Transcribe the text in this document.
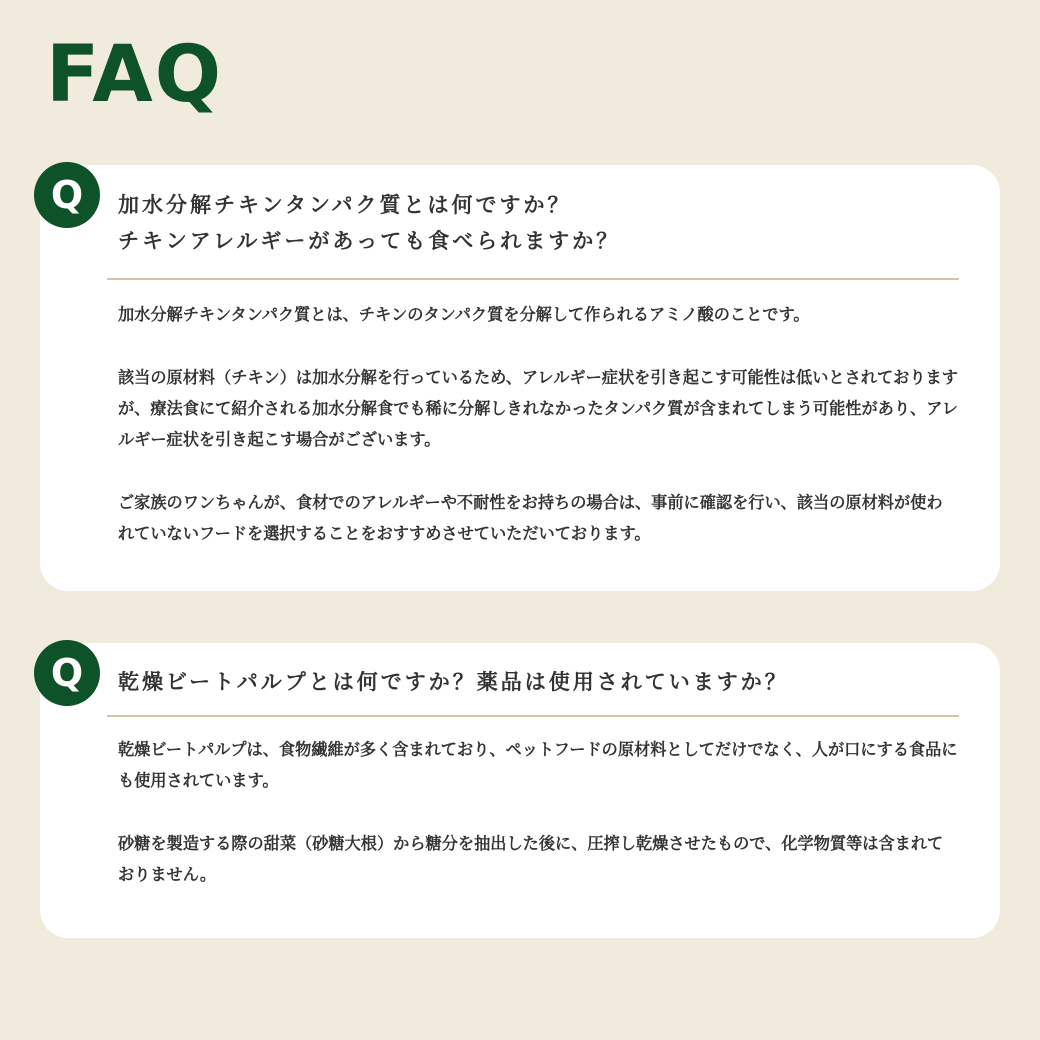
FAQ
加水分解チキンタンパク質とは何ですか？
チキンアレルギーがあっても食べられますか？

加水分解チキンタンパク質とは、チキンのタンパク質を分解して作られるアミノ酸のことです。

該当の原材料（チキン）は加水分解を行っているため、アレルギー症状を引き起こす可能性は低いとされておりますが、療法食にて紹介される加水分解食でも稀に分解しきれなかったタンパク質が含まれてしまう可能性があり、アレルギー症状を引き起こす場合がございます。

ご家族のワンちゃんが、食材でのアレルギーや不耐性をお持ちの場合は、事前に確認を行い、該当の原材料が使われていないフードを選択することをおすすめさせていただいております。

Q
乾燥ビートパルプとは何ですか？薬品は使用されていますか？

乾燥ビートパルプは、食物繊維が多く含まれており、ペットフードの原材料としてだけでなく、人が口にする食品にも使用されています。

砂糖を製造する際の甜菜（砂糖大根）から糖分を抽出した後に、圧搾し乾燥させたもので、化学物質等は含まれておりません。

Q
